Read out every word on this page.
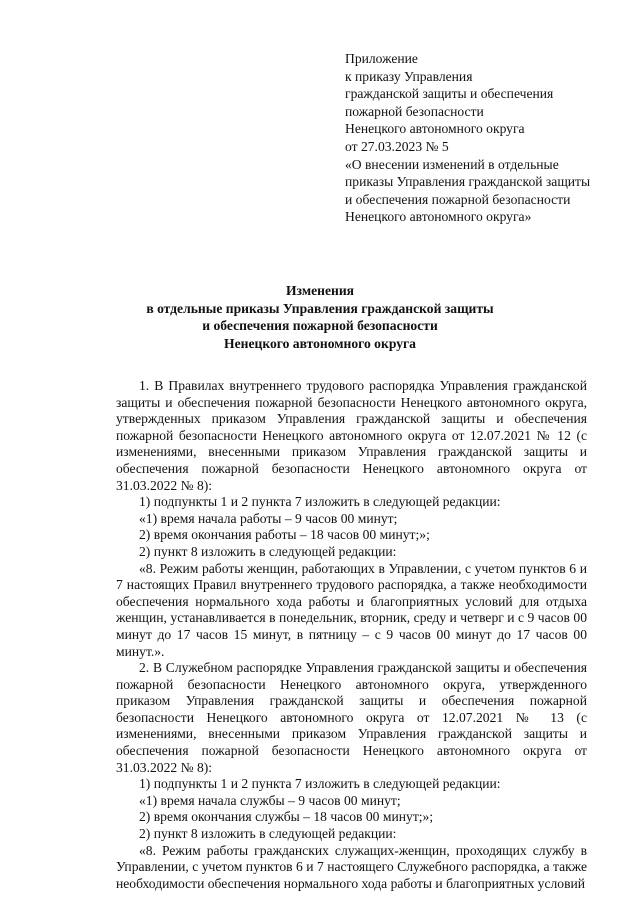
Приложение
к приказу Управления
гражданской защиты и обеспечения
пожарной безопасности
Ненецкого автономного округа
от 27.03.2023 № 5
«О внесении изменений в отдельные
приказы Управления гражданской защиты
и обеспечения пожарной безопасности
Ненецкого автономного округа»
Изменения
в отдельные приказы Управления гражданской защиты
и обеспечения пожарной безопасности
Ненецкого автономного округа

1. В Правилах внутреннего трудового распорядка Управления гражданской защиты и обеспечения пожарной безопасности Ненецкого автономного округа, утвержденных приказом Управления гражданской защиты и обеспечения пожарной безопасности Ненецкого автономного округа от 12.07.2021 № 12 (с изменениями, внесенными приказом Управления гражданской защиты и обеспечения пожарной безопасности Ненецкого автономного округа от 31.03.2022 № 8):

1) подпункты 1 и 2 пункта 7 изложить в следующей редакции:

«1) время начала работы – 9 часов 00 минут;

2) время окончания работы – 18 часов 00 минут;»;

2) пункт 8 изложить в следующей редакции:

«8. Режим работы женщин, работающих в Управлении, с учетом пунктов 6 и 7 настоящих Правил внутреннего трудового распорядка, а также необходимости обеспечения нормального хода работы и благоприятных условий для отдыха женщин, устанавливается в понедельник, вторник, среду и четверг и с 9 часов 00 минут до 17 часов 15 минут, в пятницу – с 9 часов 00 минут до 17 часов 00 минут.».

2. В Служебном распорядке Управления гражданской защиты и обеспечения пожарной безопасности Ненецкого автономного округа, утвержденного приказом Управления гражданской защиты и обеспечения пожарной безопасности Ненецкого автономного округа от 12.07.2021 № 13 (с изменениями, внесенными приказом Управления гражданской защиты и обеспечения пожарной безопасности Ненецкого автономного округа от 31.03.2022 № 8):

1) подпункты 1 и 2 пункта 7 изложить в следующей редакции:

«1) время начала службы – 9 часов 00 минут;

2) время окончания службы – 18 часов 00 минут;»;

2) пункт 8 изложить в следующей редакции:

«8. Режим работы гражданских служащих-женщин, проходящих службу в Управлении, с учетом пунктов 6 и 7 настоящего Служебного распорядка, а также необходимости обеспечения нормального хода работы и благоприятных условий
